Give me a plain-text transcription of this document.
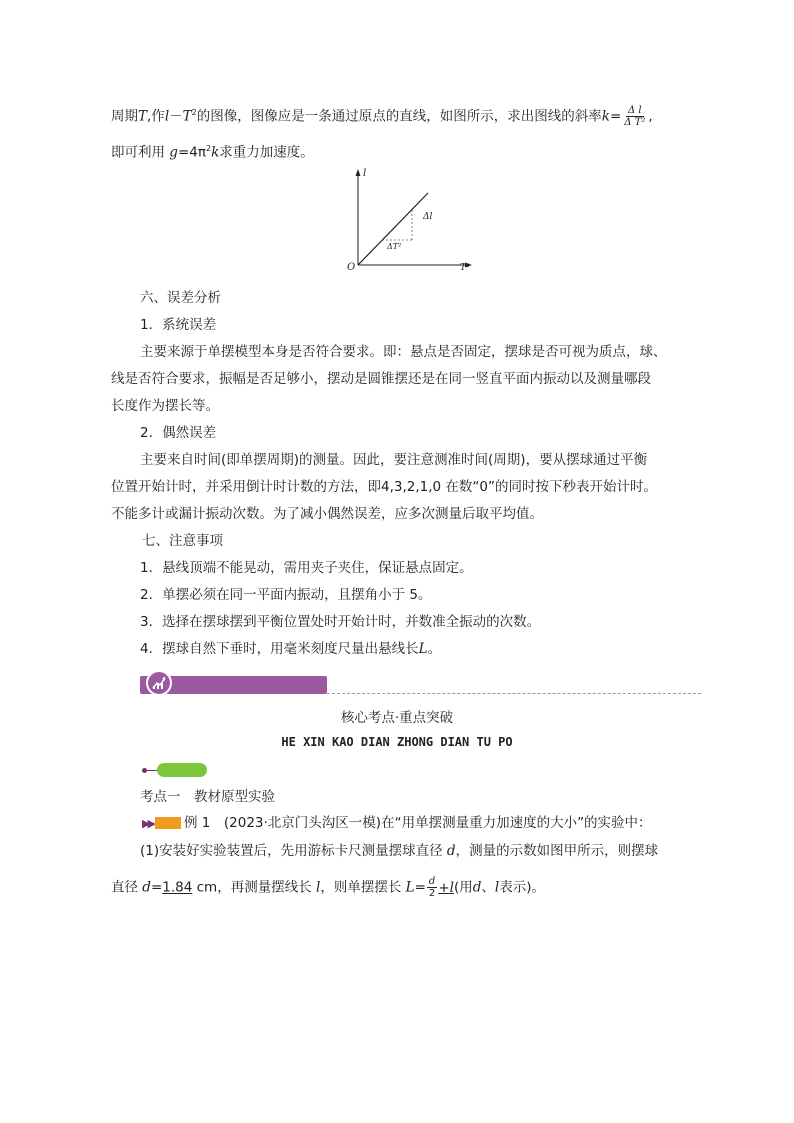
周期T,作$l-T^2$的图像，图像应是一条通过原点的直线，如图所示，求出图线的斜率$k= \frac{\text{Δ l}}{\text{Δ T²}}$ ,
即可利用 $g=4\pi^2k$求重力加速度。
l
T²
O
Δl
ΔT²
六、误差分析
1．系统误差
主要来源于单摆模型本身是否符合要求。即：悬点是否固定，摆球是否可视为质点，球、
线是否符合要求，振幅是否足够小，摆动是圆锥摆还是在同一竖直平面内振动以及测量哪段
长度作为摆长等。
2．偶然误差
主要来自时间(即单摆周期)的测量。因此，要注意测准时间(周期)，要从摆球通过平衡
位置开始计时，并采用倒计时计数的方法，即4,3,2,1,0 在数“0”的同时按下秒表开始计时。
不能多计或漏计振动次数。为了减小偶然误差，应多次测量后取平均值。
七、注意事项
1．悬线顶端不能晃动，需用夹子夹住，保证悬点固定。
2．单摆必须在同一平面内振动，且摆角小于 5。
3．选择在摆球摆到平衡位置处时开始计时，并数准全振动的次数。
4．摆球自然下垂时，用毫米刻度尺量出悬线长L。
核心考点·重点突破
HE XIN KAO DIAN ZHONG DIAN TU PO
考点一　教材原型实验
▶▶ 例 1　 (2023·北京门头沟区一模)在“用单摆测量重力加速度的大小”的实验中：
(1)安装好实验装置后，先用游标卡尺测量摆球直径 d，测量的示数如图甲所示，则摆球
直径 d=1.84 cm，再测量摆线长 l，则单摆摆长 $L= \frac{d}{2} +l$(用d、l表示)。
